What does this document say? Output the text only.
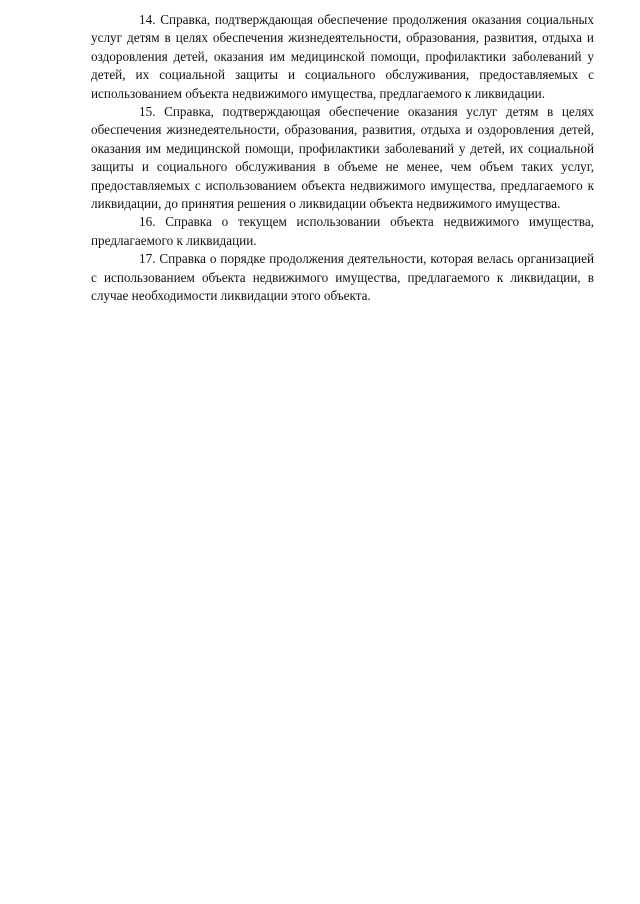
14. Справка, подтверждающая обеспечение продолжения оказания социальных услуг детям в целях обеспечения жизнедеятельности, образования, развития, отдыха и оздоровления детей, оказания им медицинской помощи, профилактики заболеваний у детей, их социальной защиты и социального обслуживания, предоставляемых с использованием объекта недвижимого имущества, предлагаемого к ликвидации.

15. Справка, подтверждающая обеспечение оказания услуг детям в целях обеспечения жизнедеятельности, образования, развития, отдыха и оздоровления детей, оказания им медицинской помощи, профилактики заболеваний у детей, их социальной защиты и социального обслуживания в объеме не менее, чем объем таких услуг, предоставляемых с использованием объекта недвижимого имущества, предлагаемого к ликвидации, до принятия решения о ликвидации объекта недвижимого имущества.

16. Справка о текущем использовании объекта недвижимого имущества, предлагаемого к ликвидации.

17. Справка о порядке продолжения деятельности, которая велась организацией с использованием объекта недвижимого имущества, предлагаемого к ликвидации, в случае необходимости ликвидации этого объекта.
